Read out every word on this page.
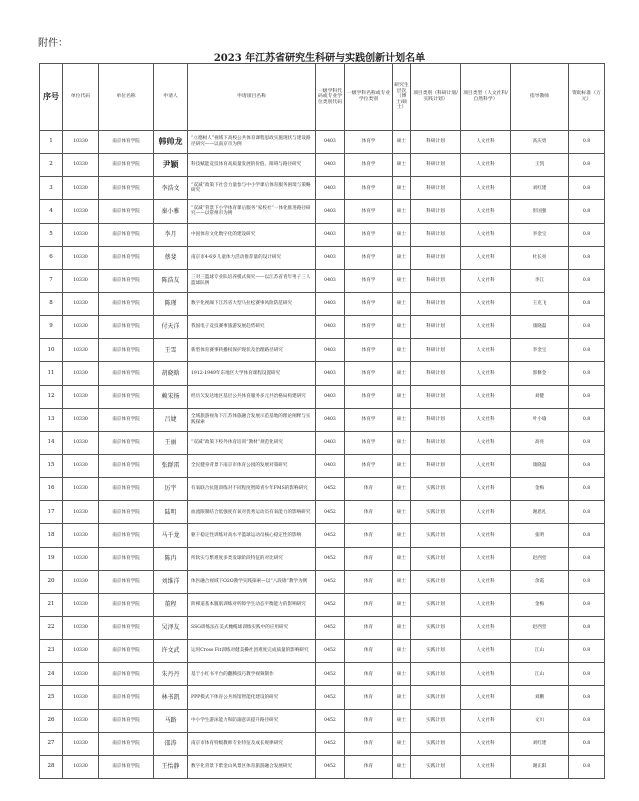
附件：
2023 年江苏省研究生科研与实践创新计划名单
序号	单位代码	单位名称	申请人	申请项目名称	一级学科代码或专业学位类别代码	一级学科名称或专业学位类别	研究生层次（博士/硕士）	项目类别（科研计划/实践计划）	项目类型（人文社科/自然科学）	指导教师	资助标准（万元）
1	10330	南京体育学院	韩帅龙	“立德树人”视域下高校公共体育课程思政实施现状与建设路径研究——以南京市为例	0403	体育学	硕士	科研计划	人文社科	高庆勇	0.8
2	10330	南京体育学院	尹颖	科技赋能竞技体育高质量发展的价值、障碍与路径研究	0403	体育学	硕士	科研计划	人文社科	王凯	0.8
3	10330	南京体育学院	李浩文	“双减”政策下社会力量参与中小学课后体育服务困境与策略研究	0403	体育学	硕士	科研计划	人文社科	刘红建	0.8
4	10330	南京体育学院	秦小雅	“双减”背景下小学体育课后服务“家校社”一体化推进路径研究——以常州市为例	0403	体育学	硕士	科研计划	人文社科	彭国强	0.8
5	10330	南京体育学院	李月	中国体育文化数字化的建设研究	0403	体育学	硕士	科研计划	人文社科	李金宝	0.8
6	10330	南京体育学院	蔡斐	南京市4-6岁儿童体力活动推荐量的设计研究	0403	体育学	硕士	科研计划	人文社科	杜长亮	0.8
7	10330	南京体育学院	陈浩友	三对三篮球专业队培养模式探究——以江苏省青年男子三人篮球队例	0403	体育学	硕士	科研计划	人文社科	李江	0.8
8	10330	南京体育学院	陈瑾	数字化视阈下江苏省大型马拉松赛事风险防范研究	0403	体育学	硕士	科研计划	人文社科	王克飞	0.8
9	10330	南京体育学院	付天洋	我国电子竞技赛事旅游发展趋势研究	0403	体育学	硕士	科研计划	人文社科	康晓磊	0.8
10	10330	南京体育学院	王雪	新型体育赛事转播权保护现状及治理路径研究	0403	体育学	硕士	科研计划	人文社科	李金宝	0.8
11	10330	南京体育学院	胡晓晗	1912-1949年东地区大学体育课程设置研究	0403	体育学	硕士	科研计划	人文社科	郭修金	0.8
12	10330	南京体育学院	赖宋扬	经历欠发达地区基层公共体育服务多元共治格局构建研究	0403	体育学	硕士	科研计划	人文社科	刘健	0.8
13	10330	南京体育学院	吕婕	全域旅游视角下江苏体旅融合发展示范基地的理论阐释与实践探索	0403	体育学	硕士	科研计划	人文社科	叶小瑜	0.8
14	10330	南京体育学院	王丽	“双减”政策下校外体育培训“教材”规范化研究	0403	体育学	硕士	科研计划	人文社科	高亮	0.8
15	10330	南京体育学院	张群雷	全民健身背景下南京市体育公园的发展对策研究	0403	体育学	硕士	科研计划	人文社科	康晓磊	0.8
16	10330	南京体育学院	厉宇	有氧联合抗阻训练对不同程度智障青少年FMS的影响研究	0452	体育	硕士	实践计划	人文社科	金梅	0.8
17	10330	南京体育学院	陆明	血流限制结合低强度有氧对优秀运动员有氧能力的影响研究	0452	体育	硕士	实践计划	人文社科	谢恩礼	0.8
18	10330	南京体育学院	马千龙	躯干稳定性训练对高水平篮球运动员核心稳定性的影响	0452	体育	硕士	实践计划	人文社科	张明	0.8
19	10330	南京体育学院	陈冉	所软实与繁难度多类发球阶段特征的对比研究	0452	体育	硕士	实践计划	人文社科	赵西堂	0.8
20	10330	南京体育学院	刘维洋	体医融合视域下O2O教学实践探索—以“八段锦”教学为例	0452	体育	硕士	实践计划	人文社科	余霞	0.8
21	10330	南京体育学院	董程	阶梯道基本髋肌训练对听障学生动态平衡能力的影响研究	0452	体育	硕士	实践计划	人文社科	金梅	0.8
22	10330	南京体育学院	吴泽友	SSG训练法在美式橄榄球训练实践中的应用研究	0452	体育	硕士	实践计划	人文社科	赵西堂	0.8
23	10330	南京体育学院	许文武	运用Cross Fit训练对健美操社团难度完成质量的影响研究	0452	体育	硕士	实践计划	人文社科	江山	0.8
24	10330	南京体育学院	朱丹丹	基于小红书平台的翻腾技巧教学视频制作	0452	体育	硕士	实践计划	人文社科	江山	0.8
25	10330	南京体育学院	林书凯	PPP模式下体育公共场馆智能化建设的研究	0452	体育	硕士	实践计划	人文社科	刘鹏	0.8
26	10330	南京体育学院	马路	中小学生游泳能力和防溺意识提升路径研究	0452	体育	硕士	实践计划	人文社科	文川	0.8
27	10330	南京体育学院	邵涛	南京市体育特级教师专业特征及成长规律研究	0452	体育	硕士	实践计划	人文社科	刘红建	0.8
28	10330	南京体育学院	王怡静	数字化背景下紫金山风景区体育旅游融合发展研究	0452	体育	硕士	实践计划	人文社科	谢正阳	0.8
